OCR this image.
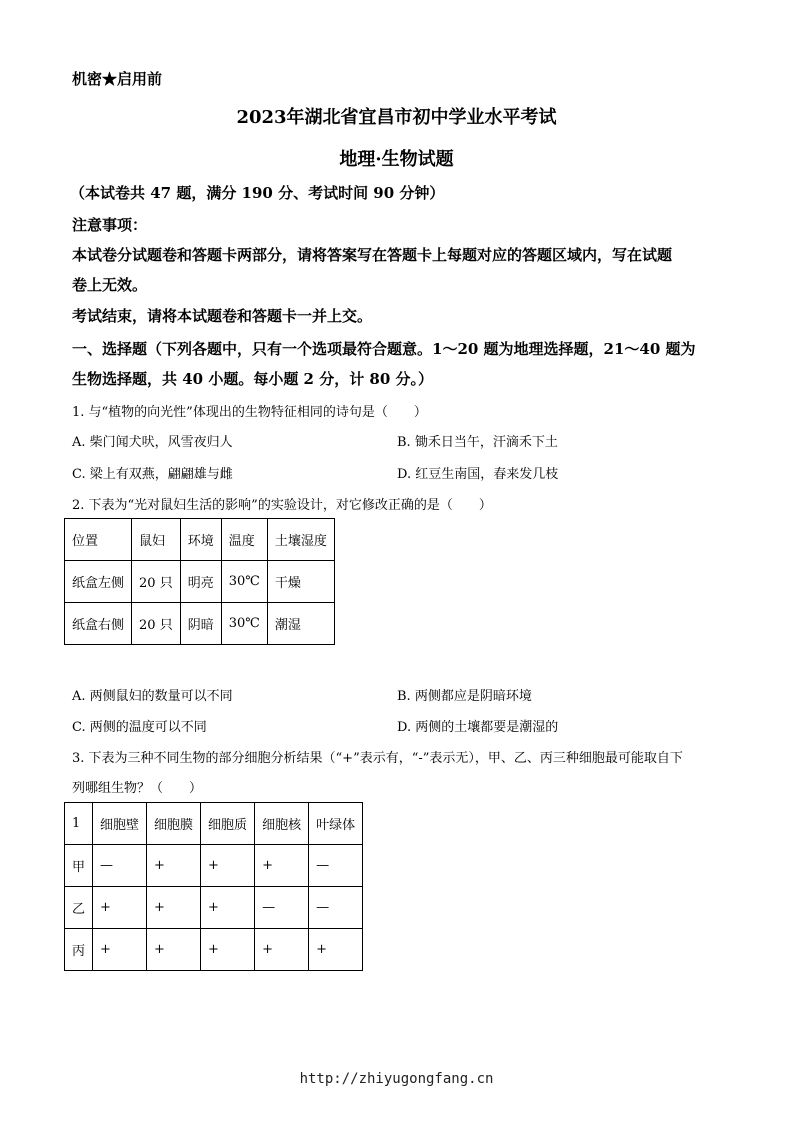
机密★启用前
2023年湖北省宜昌市初中学业水平考试
地理·生物试题
（本试卷共 47 题，满分 190 分、考试时间 90 分钟）
注意事项：
本试卷分试题卷和答题卡两部分，请将答案写在答题卡上每题对应的答题区域内，写在试题
卷上无效。
考试结束，请将本试题卷和答题卡一并上交。
一、选择题（下列各题中，只有一个选项最符合题意。1～20 题为地理选择题，21～40 题为
生物选择题，共 40 小题。每小题 2 分，计 80 分。）
1. 与“植物的向光性”体现出的生物特征相同的诗句是（　　）
A. 柴门闻犬吠，风雪夜归人	B. 锄禾日当午，汗滴禾下土
C. 梁上有双燕，翩翩雄与雌	D. 红豆生南国，春来发几枝
2. 下表为“光对鼠妇生活的影响”的实验设计，对它修改正确的是（　　）
位置	鼠妇	环境	温度	土壤湿度
纸盒左侧	20 只	明亮	30℃	干燥
纸盒右侧	20 只	阴暗	30℃	潮湿
A. 两侧鼠妇的数量可以不同	B. 两侧都应是阴暗环境
C. 两侧的温度可以不同	D. 两侧的土壤都要是潮湿的
3. 下表为三种不同生物的部分细胞分析结果（“+”表示有，“-”表示无），甲、乙、丙三种细胞最可能取自下
列哪组生物？（　　）
1	细胞壁	细胞膜	细胞质	细胞核	叶绿体
甲	—	+	+	+	—
乙	+	+	+	—	—
丙	+	+	+	+	+
http://zhiyugongfang.cn
